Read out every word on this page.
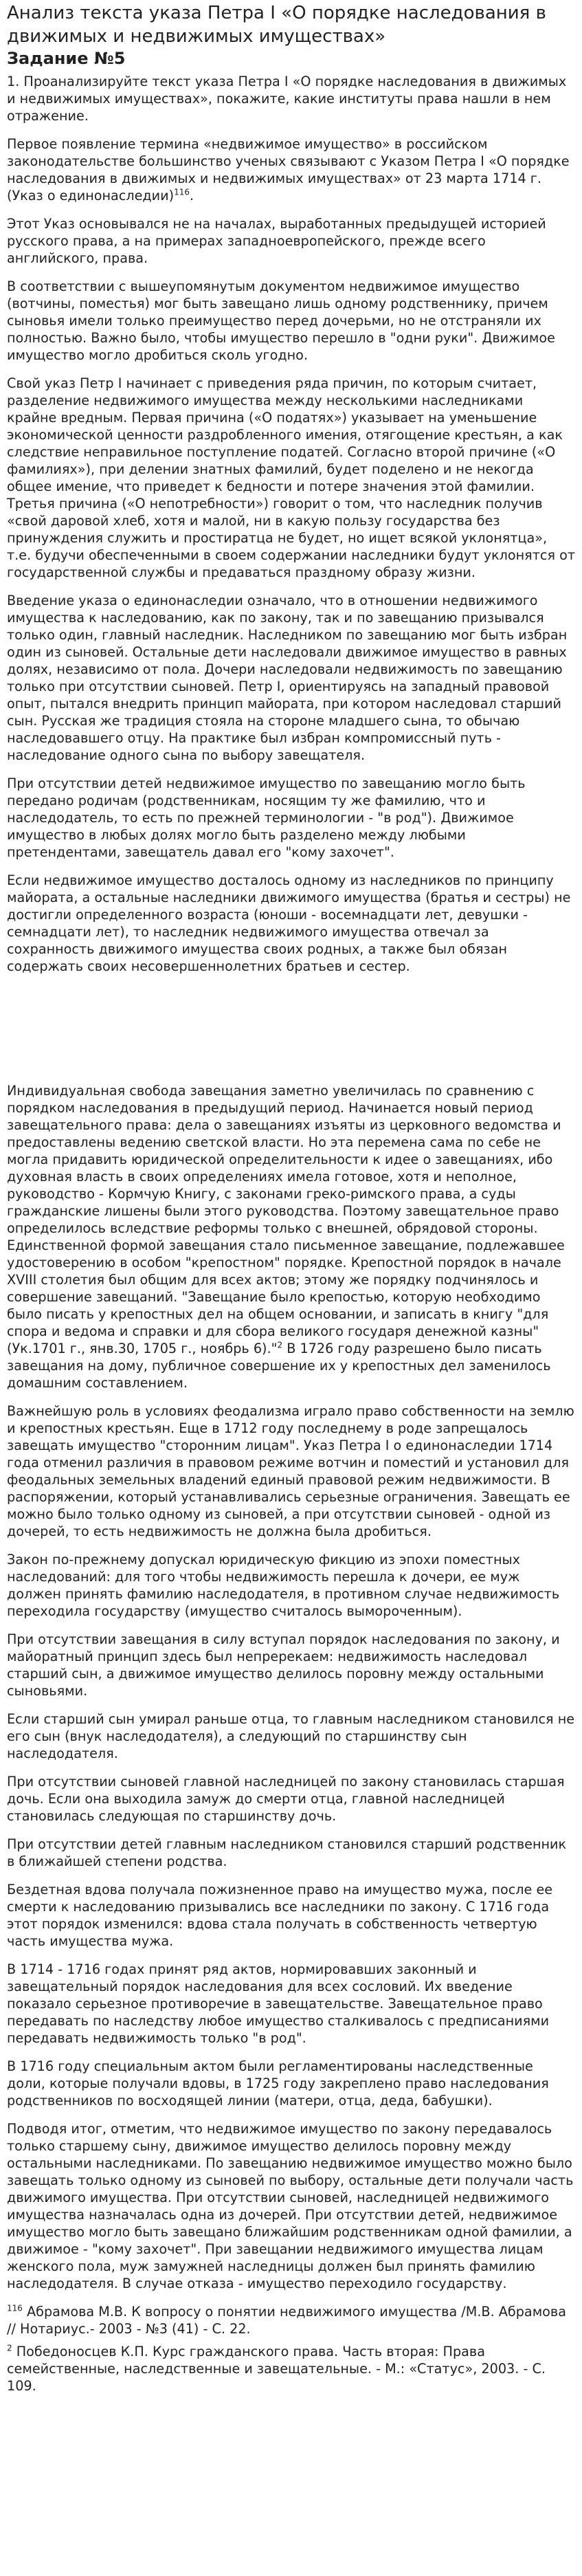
Анализ текста указа Петра I «О порядке наследования в движимых и недвижимых имуществах»
Задание №5

1. Проанализируйте текст указа Петра I «О порядке наследования в движимых и недвижимых имуществах», покажите, какие институты права нашли в нем отражение.

Первое появление термина «недвижимое имущество» в российском законодательстве большинство ученых связывают с Указом Петра I «О порядке наследования в движимых и недвижимых имуществах» от 23 марта 1714 г. (Указ о единонаследии)$^{116}$.

Этот Указ основывался не на началах, выработанных предыдущей историей русского права, а на примерах западноевропейского, прежде всего английского, права.

В соответствии с вышеупомянутым документом недвижимое имущество (вотчины, поместья) мог быть завещано лишь одному родственнику, причем сыновья имели только преимущество перед дочерьми, но не отстраняли их полностью. Важно было, чтобы имущество перешло в "одни руки". Движимое имущество могло дробиться сколь угодно.

Свой указ Петр I начинает с приведения ряда причин, по которым считает, разделение недвижимого имущества между несколькими наследниками крайне вредным. Первая причина («О податях») указывает на уменьшение экономической ценности раздробленного имения, отягощение крестьян, а как следствие неправильное поступление податей. Согласно второй причине («О фамилиях»), при делении знатных фамилий, будет поделено и не некогда общее имение, что приведет к бедности и потере значения этой фамилии. Третья причина («О непотребности») говорит о том, что наследник получив «свой даровой хлеб, хотя и малой, ни в какую пользу государства без принуждения служить и простиратца не будет, но ищет всякой уклонятца», т.е. будучи обеспеченными в своем содержании наследники будут уклонятся от государственной службы и предаваться праздному образу жизни.

Введение указа о единонаследии означало, что в отношении недвижимого имущества к наследованию, как по закону, так и по завещанию призывался только один, главный наследник. Наследником по завещанию мог быть избран один из сыновей. Остальные дети наследовали движимое имущество в равных долях, независимо от пола. Дочери наследовали недвижимость по завещанию только при отсутствии сыновей. Петр I, ориентируясь на западный правовой опыт, пытался внедрить принцип майората, при котором наследовал старший сын. Русская же традиция стояла на стороне младшего сына, то обычаю наследовавшего отцу. На практике был избран компромиссный путь - наследование одного сына по выбору завещателя.

При отсутствии детей недвижимое имущество по завещанию могло быть передано родичам (родственникам, носящим ту же фамилию, что и наследодатель, то есть по прежней терминологии - "в род"). Движимое имущество в любых долях могло быть разделено между любыми претендентами, завещатель давал его "кому захочет".

Если недвижимое имущество досталось одному из наследников по принципу майората, а остальные наследники движимого имущества (братья и сестры) не достигли определенного возраста (юноши - восемнадцати лет, девушки - семнадцати лет), то наследник недвижимого имущества отвечал за сохранность движимого имущества своих родных, а также был обязан содержать своих несовершеннолетних братьев и сестер.

Индивидуальная свобода завещания заметно увеличилась по сравнению с порядком наследования в предыдущий период. Начинается новый период завещательного права: дела о завещаниях изъяты из церковного ведомства и предоставлены ведению светской власти. Но эта перемена сама по себе не могла придавить юридической определительности к идее о завещаниях, ибо духовная власть в своих определениях имела готовое, хотя и неполное, руководство - Кормчую Книгу, с законами греко-римского права, а суды гражданские лишены были этого руководства. Поэтому завещательное право определилось вследствие реформы только с внешней, обрядовой стороны. Единственной формой завещания стало письменное завещание, подлежавшее удостоверению в особом "крепостном" порядке. Крепостной порядок в начале XVIII столетия был общим для всех актов; этому же порядку подчинялось и совершение завещаний. "Завещание было крепостью, которую необходимо было писать у крепостных дел на общем основании, и записать в книгу "для спора и ведома и справки и для сбора великого государя денежной казны" (Ук.1701 г., янв.30, 1705 г., ноябрь 6)."$^2$ В 1726 году разрешено было писать завещания на дому, публичное совершение их у крепостных дел заменилось домашним составлением.

Важнейшую роль в условиях феодализма играло право собственности на землю и крепостных крестьян. Еще в 1712 году последнему в роде запрещалось завещать имущество "сторонним лицам". Указ Петра I о единонаследии 1714 года отменил различия в правовом режиме вотчин и поместий и установил для феодальных земельных владений единый правовой режим недвижимости. В распоряжении, который устанавливались серьезные ограничения. Завещать ее можно было только одному из сыновей, а при отсутствии сыновей - одной из дочерей, то есть недвижимость не должна была дробиться.

Закон по-прежнему допускал юридическую фикцию из эпохи поместных наследований: для того чтобы недвижимость перешла к дочери, ее муж должен принять фамилию наследодателя, в противном случае недвижимость переходила государству (имущество считалось вымороченным).

При отсутствии завещания в силу вступал порядок наследования по закону, и майоратный принцип здесь был непререкаем: недвижимость наследовал старший сын, а движимое имущество делилось поровну между остальными сыновьями.

Если старший сын умирал раньше отца, то главным наследником становился не его сын (внук наследодателя), а следующий по старшинству сын наследодателя.

При отсутствии сыновей главной наследницей по закону становилась старшая дочь. Если она выходила замуж до смерти отца, главной наследницей становилась следующая по старшинству дочь.

При отсутствии детей главным наследником становился старший родственник в ближайшей степени родства.

Бездетная вдова получала пожизненное право на имущество мужа, после ее смерти к наследованию призывались все наследники по закону. С 1716 года этот порядок изменился: вдова стала получать в собственность четвертую часть имущества мужа.

В 1714 - 1716 годах принят ряд актов, нормировавших законный и завещательный порядок наследования для всех сословий. Их введение показало серьезное противоречие в завещательстве. Завещательное право передавать по наследству любое имущество сталкивалось с предписаниями передавать недвижимость только "в род".

В 1716 году специальным актом были регламентированы наследственные доли, которые получали вдовы, в 1725 году закреплено право наследования родственников по восходящей линии (матери, отца, деда, бабушки).

Подводя итог, отметим, что недвижимое имущество по закону передавалось только старшему сыну, движимое имущество делилось поровну между остальными наследниками. По завещанию недвижимое имущество можно было завещать только одному из сыновей по выбору, остальные дети получали часть движимого имущества. При отсутствии сыновей, наследницей недвижимого имущества назначалась одна из дочерей. При отсутствии детей, недвижимое имущество могло быть завещано ближайшим родственникам одной фамилии, а движимое - "кому захочет". При завещании недвижимого имущества лицам женского пола, муж замужней наследницы должен был принять фамилию наследодателя. В случае отказа - имущество переходило государству.

$^{116}$ Абрамова М.В. К вопросу о понятии недвижимого имущества /М.В. Абрамова // Нотариус.- 2003 - №3 (41) - С. 22.

$^2$ Победоносцев К.П. Курс гражданского права. Часть вторая: Права семейственные, наследственные и завещательные. - М.: «Статус», 2003. - С. 109.
